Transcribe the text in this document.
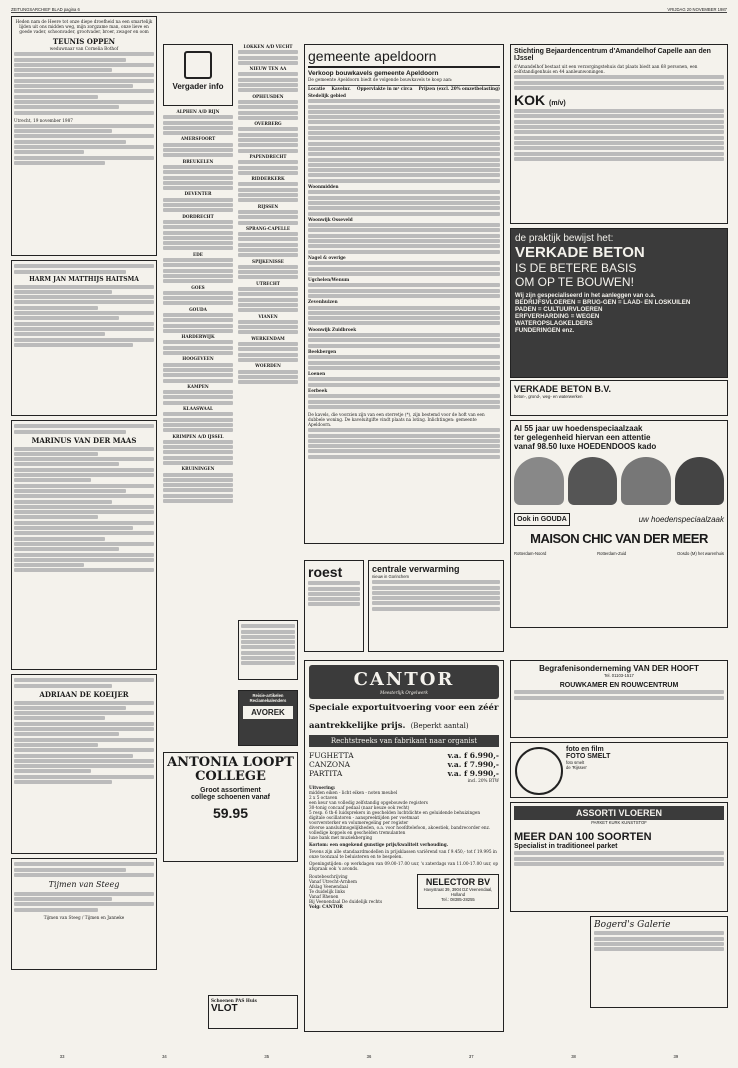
ZEITUNGSARCHIEF BLAD pagina 6	VRIJDAG 20 NOVEMBER 1987
Heden nam de Heere tot onze diepe droefheid na een smartelijk lijden uit ons midden weg, mijn zorgzame man, onze lieve en goede vader, schoonvader, grootvader, broer, zwager en oom
TEUNIS OPPEN
weduwnaar van Cornelia Bothof
Utrecht, 19 november 1987
HARM JAN MATTHIJS HAITSMA
MARINUS VAN DER MAAS
ADRIAAN DE KOEIJER
Tijmen van Steeg
Tijmen van Steeg / Tijmen en Janneke
Vergader info
ALPHEN A/D RIJN
AMERSFOORT
BREUKELEN
DEVENTER
DORDRECHT
EDE
GOES
GOUDA
HARDERWIJK
HOOGEVEEN
KAMPEN
KLAASWAAL
KRIMPEN A/D IJSSEL
KRUININGEN
LOKKEN A/D VECHT
NIEUW TEN AA
OPHEUSDEN
OVERBERG
PAPENDRECHT
RIDDERKERK
RIJSSEN
SPRANG-CAPELLE
SPIJKENISSE
UTRECHT
VIANEN
WERKENDAM
WOERDEN
Reisie-artikelen Reclamekalenders
AVOREK
ANTONIA LOOPT COLLEGE
Groot assortiment
college schoenen vanaf
59.95
Schoenen PAS Huis
VLOT
gemeente apeldoorn
Verkoop bouwkavels gemeente Apeldoorn
De gemeente Apeldoorn biedt de volgende bouwkavels te koop aan:
Locatie Kavelnr. Oppervlakte in m² circa Prijzen (excl. 20% omzetbelasting)
Stedelijk gebied
Woonmidden
Woonwijk Osseveld
Nagel & overige
Ugchelen/Wenum
Zevenhuizen
Woonwijk Zuidbroek
Beekbergen
Loenen
Eerbeek
De kavels, die voorzien zijn van een sterretje (*), zijn bestemd voor de hoft van een dubbele woning. De kaveluitgifte vindt plaats na loting. Inlichtingen: gemeente Apeldoorn.
Stichting Bejaardencentrum d'Amandelhof Capelle aan den IJssel
d'Amandelhof bestaat uit een verzorgingstehuis dat plaats biedt aan 68 personen, een zelfstandigenhuis en 44 aanleunwoningen.
KOK (m/v)
de praktijk bewijst het:
VERKADE BETON
IS DE BETERE BASIS
OM OP TE BOUWEN!
Wij zijn gespecialiseerd in het aanleggen van o.a.
BEDRIJFSVLOEREN = BRUG-GEN = LAAD- EN LOSKUILEN
PADEN = CULTUURVLOEREN
ERFVERHARDING = WEGEN
WATEROPSLAGKELDERS
FUNDERINGEN enz.
VERKADE BETON B.V.
beton-, grond-, weg- en waterwerken
Al 55 jaar uw hoedenspeciaalzaak
ter gelegenheid hiervan een attentie
vanaf 98.50 luxe HOEDENDOOS kado
Ook in GOUDA	uw hoedenspeciaalzaak
MAISON CHIC VAN DER MEER
Rotterdam-Noord	Rotterdam-Zuid	Oosdo (M) het warenhuis
roest	centrale verwarming
nieuw in Gorinchem
Begrafenisonderneming VAN DER HOOFT
Tel. 01103-1517
ROUWKAMER EN ROUWCENTRUM
CANTOR
Meesterlijk Orgelwerk
Speciale exportuitvoering voor een zéér
aantrekkelijke prijs. (Beperkt aantal)
Rechtstreeks van fabrikant naar organist
FUGHETTA	v.a. f 6.990,-
CANZONA	v.a. f 7.990,-
PARTITA	v.a. f 9.990,-
incl. 20% BTW
Uitvoering:
midden eiken - licht eiken - noten meubel
2 x 5 octaven
een keur van volledig zelfstandig opgebouwde registers
30-tonig concaaf pedaal (naar keuze ook recht)
5 resp. 6 th-6 luidsprekers in geschelden luchtdichte en geluidende behuizingen
digitale oscillatoren - aanspreektijden per voetmaat
voorversterker en volumeregeling per register
diverse aansluitmogelijkheden, o.a. voor hoofdtelefoon, akoestiek, bandrecorder enz.
volledige koppels en geschelden tremulanten
luxe bank met muziekberging
Kortom: een ongekend gunstige prijs/kwaliteit verhouding.
Tevens zijn alle standaardmodellen in prijsklassen variërend van f 9.450,- tot f 19.995 in onze toonzaal te beluisteren en te bespelen.
Openingstijden: op werkdagen van 09.00-17.00 uur, 's zaterdags van 11.00-17.00 uur, op afspraak ook 's avonds.
Routebeschrijving
Vanaf Utrecht-Arnhem
Afslag Veenendaal
Te duidelijk links
Vanaf Rhenen
Bij Veenendaal De duidelijk rechts
Volg: CANTOR
NELECTOR BV
Havystraat 39, 3904 DZ Veenendaal, Holland
Tel.: 08385-28255
foto en film
FOTO SMELT
foto smelt
de 'Rijssen'
ASSORTI VLOEREN
PARKET KURK KUNSTSTOF
MEER DAN 100 SOORTEN
Specialist in traditioneel parket
Bogerd's Galerie
33	34	35	36	37	38	39
